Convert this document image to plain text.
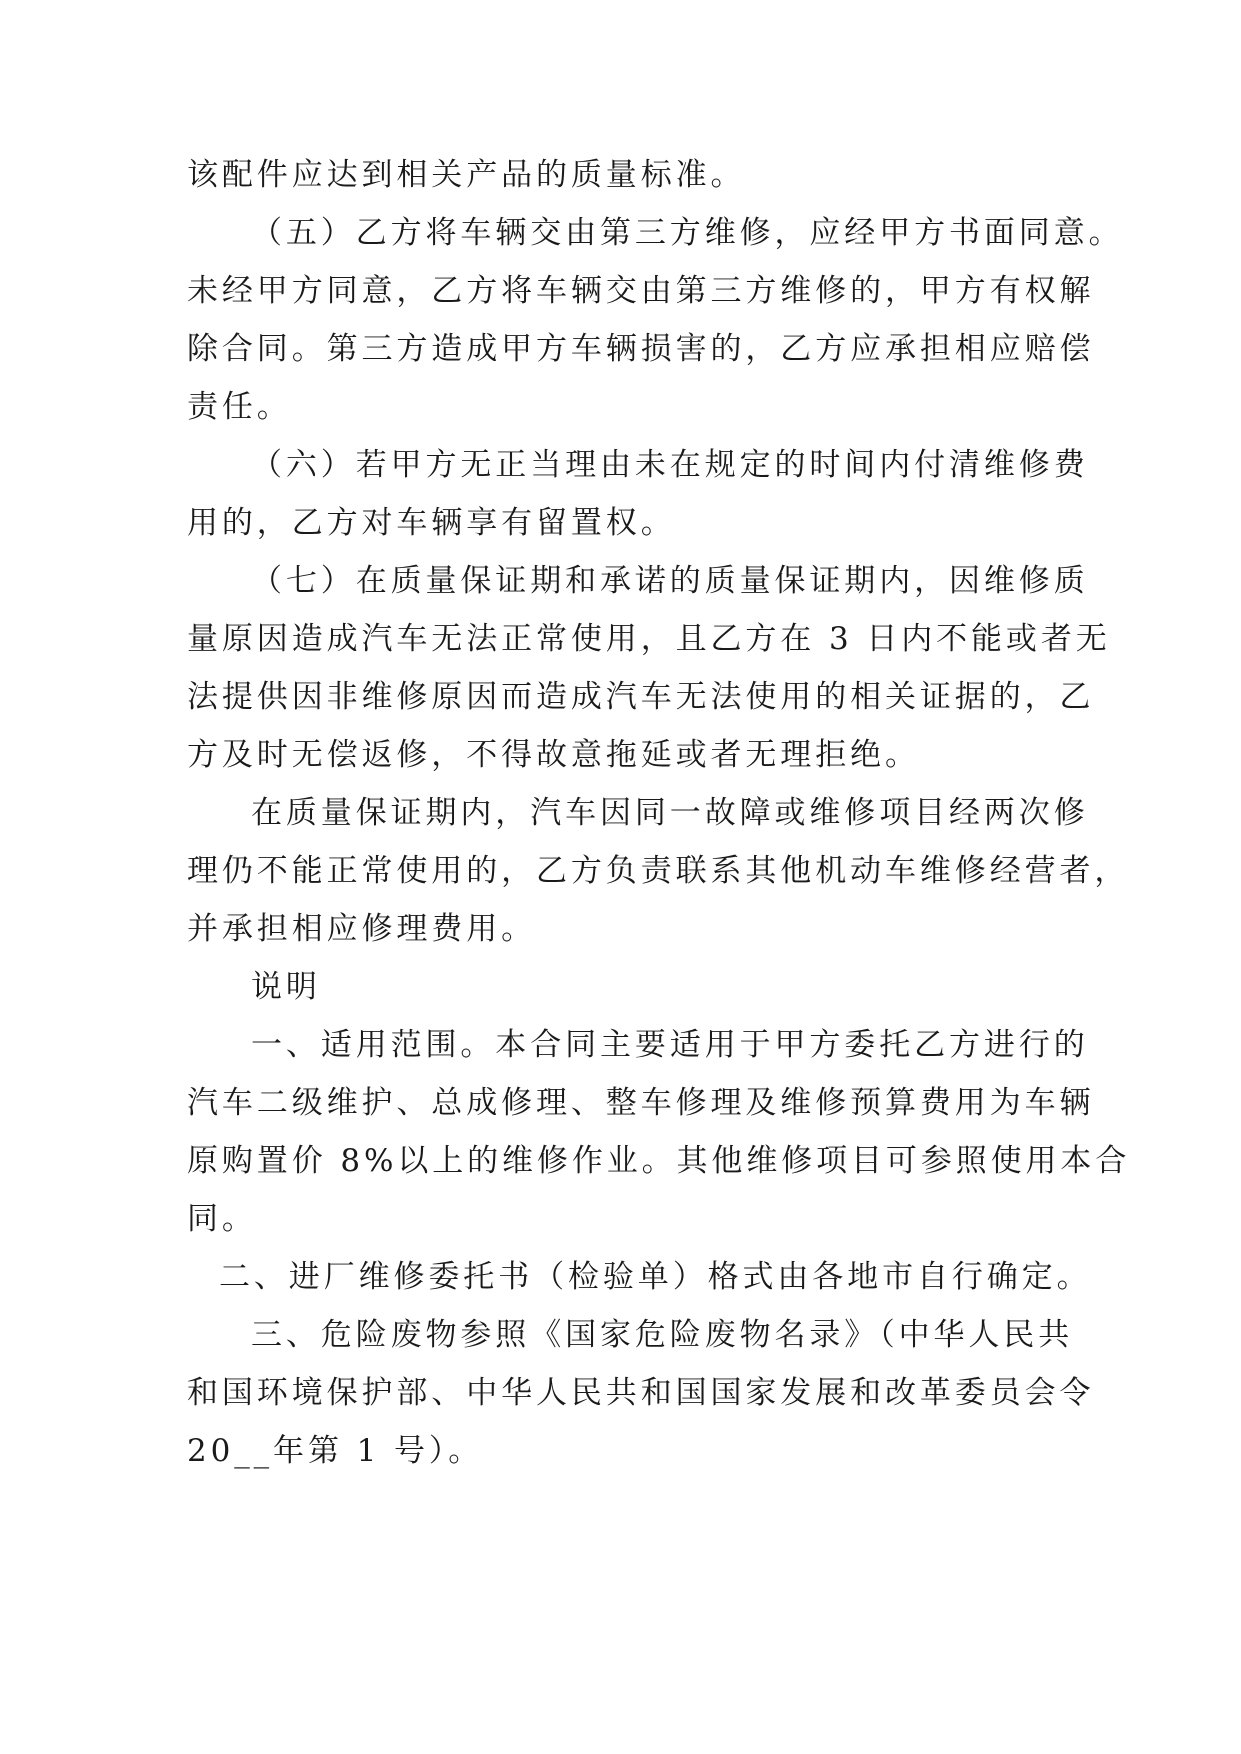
该配件应达到相关产品的质量标准。
（五）乙方将车辆交由第三方维修，应经甲方书面同意。
未经甲方同意，乙方将车辆交由第三方维修的，甲方有权解
除合同。第三方造成甲方车辆损害的，乙方应承担相应赔偿
责任。
（六）若甲方无正当理由未在规定的时间内付清维修费
用的，乙方对车辆享有留置权。
（七）在质量保证期和承诺的质量保证期内，因维修质
量原因造成汽车无法正常使用，且乙方在 3 日内不能或者无
法提供因非维修原因而造成汽车无法使用的相关证据的，乙
方及时无偿返修，不得故意拖延或者无理拒绝。
在质量保证期内，汽车因同一故障或维修项目经两次修
理仍不能正常使用的，乙方负责联系其他机动车维修经营者，
并承担相应修理费用。
说明
一、适用范围。本合同主要适用于甲方委托乙方进行的
汽车二级维护、总成修理、整车修理及维修预算费用为车辆
原购置价 8%以上的维修作业。其他维修项目可参照使用本合
同。
二、进厂维修委托书（检验单）格式由各地市自行确定。
三、危险废物参照《国家危险废物名录》（中华人民共
和国环境保护部、中华人民共和国国家发展和改革委员会令
20__年第 1 号）。
